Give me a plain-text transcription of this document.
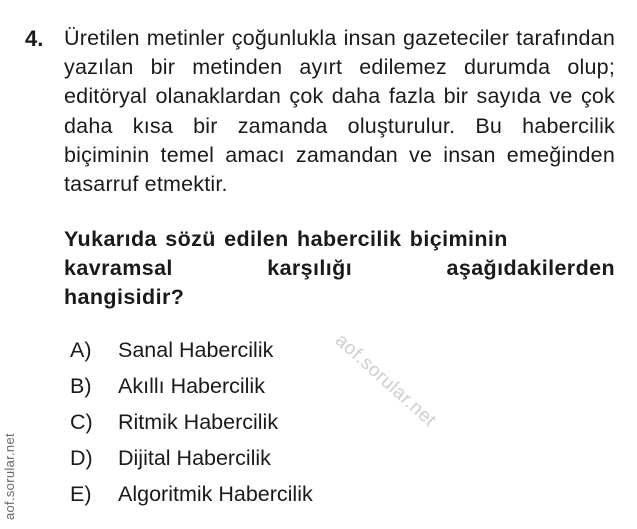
4. Üretilen metinler çoğunlukla insan gazeteciler tarafından yazılan bir metinden ayırt edilemez durumda olup; editöryal olanaklardan çok daha fazla bir sayıda ve çok daha kısa bir zamanda oluşturulur. Bu habercilik biçiminin temel amacı zamandan ve insan emeğinden tasarruf etmektir.
Yukarıda sözü edilen habercilik biçiminin
kavramsal karşılığı aşağıdakilerden
hangisidir?
A)	Sanal Habercilik
B)	Akıllı Habercilik
C)	Ritmik Habercilik
D)	Dijital Habercilik
E)	Algoritmik Habercilik
aof.sorular.net
aof.sorular.net
